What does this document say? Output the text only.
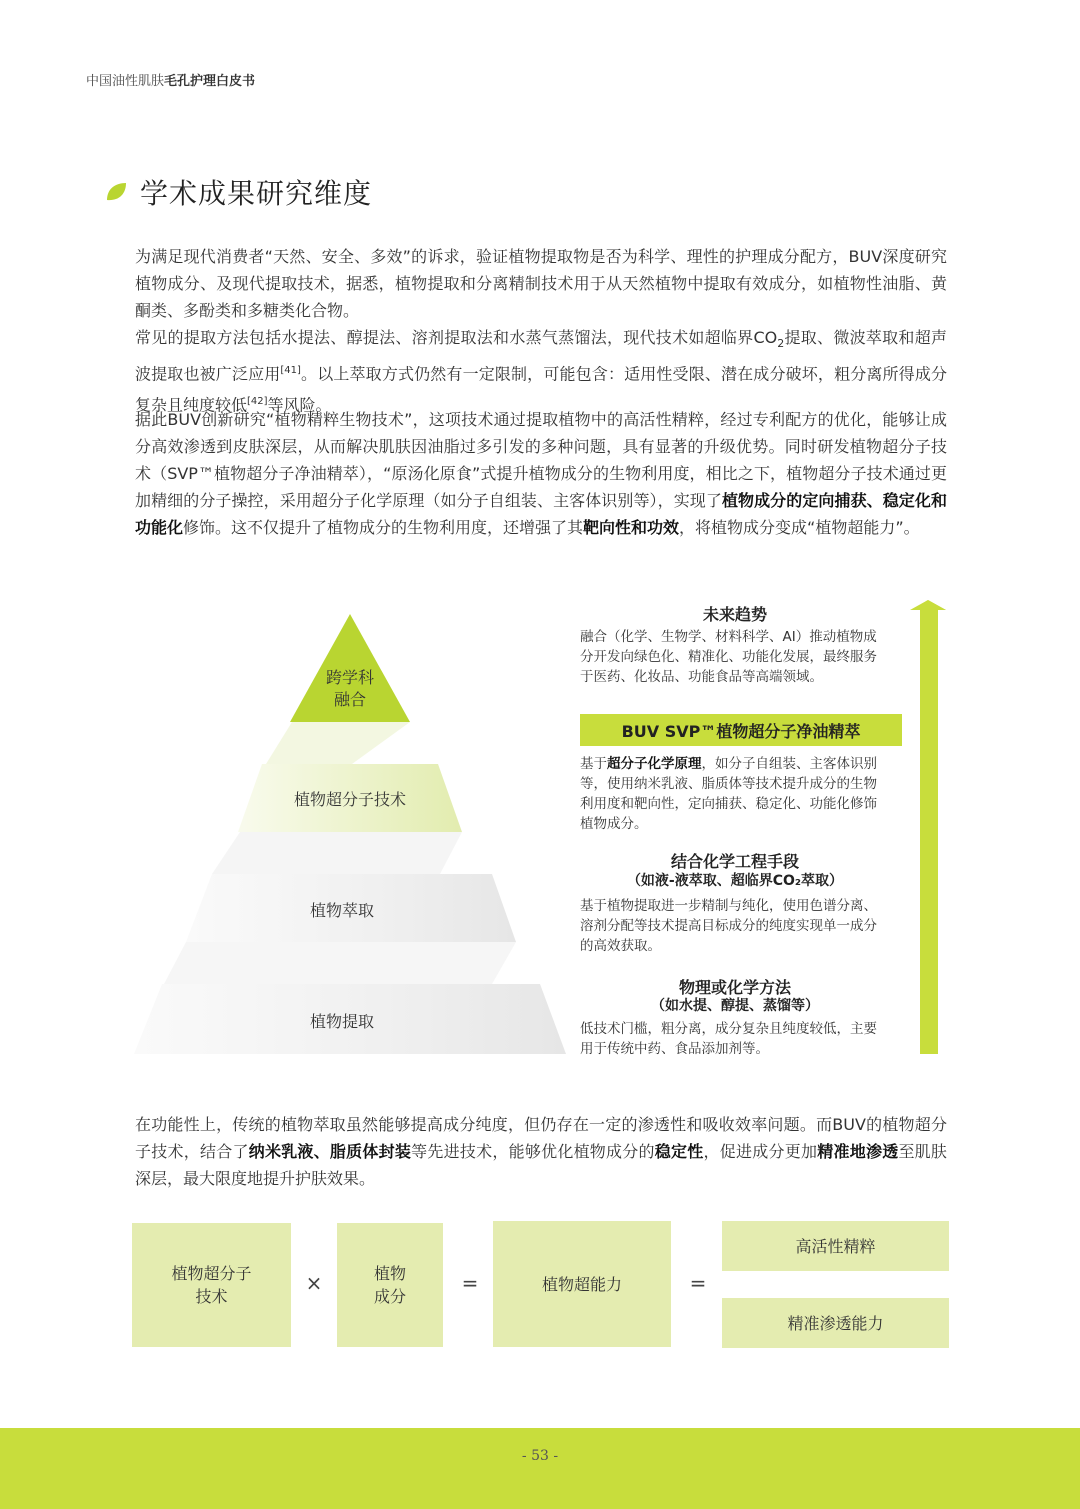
中国油性肌肤毛孔护理白皮书
学术成果研究维度
为满足现代消费者“天然、安全、多效”的诉求，验证植物提取物是否为科学、理性的护理成分配方，BUV深度研究植物成分、及现代提取技术，据悉，植物提取和分离精制技术用于从天然植物中提取有效成分，如植物性油脂、黄酮类、多酚类和多糖类化合物。
常见的提取方法包括水提法、醇提法、溶剂提取法和水蒸气蒸馏法，现代技术如超临界$CO_2$提取、微波萃取和超声波提取也被广泛应用[41]。以上萃取方式仍然有一定限制，可能包含：适用性受限、潜在成分破坏，粗分离所得成分复杂且纯度较低[42]等风险。
据此BUV创新研究“植物精粹生物技术”，这项技术通过提取植物中的高活性精粹，经过专利配方的优化，能够让成分高效渗透到皮肤深层，从而解决肌肤因油脂过多引发的多种问题，具有显著的升级优势。同时研发植物超分子技术（SVP™植物超分子净油精萃），“原汤化原食”式提升植物成分的生物利用度，相比之下，植物超分子技术通过更加精细的分子操控，采用超分子化学原理（如分子自组装、主客体识别等），实现了植物成分的定向捕获、稳定化和功能化修饰。这不仅提升了植物成分的生物利用度，还增强了其靶向性和功效，将植物成分变成“植物超能力”。
跨学科
融合
植物超分子技术
植物萃取
植物提取
未来趋势
融合（化学、生物学、材料科学、AI）推动植物成分开发向绿色化、精准化、功能化发展，最终服务于医药、化妆品、功能食品等高端领域。
基于超分子化学原理，如分子自组装、主客体识别等，使用纳米乳液、脂质体等技术提升成分的生物利用度和靶向性，定向捕获、稳定化、功能化修饰植物成分。
结合化学工程手段
（如液-液萃取、超临界CO₂萃取）
基于植物提取进一步精制与纯化，使用色谱分离、溶剂分配等技术提高目标成分的纯度实现单一成分的高效获取。
物理或化学方法
（如水提、醇提、蒸馏等）
低技术门槛，粗分离，成分复杂且纯度较低，主要用于传统中药、食品添加剂等。
BUV SVP™植物超分子净油精萃
在功能性上，传统的植物萃取虽然能够提高成分纯度，但仍存在一定的渗透性和吸收效率问题。而BUV的植物超分子技术，结合了纳米乳液、脂质体封装等先进技术，能够优化植物成分的稳定性，促进成分更加精准地渗透至肌肤深层，最大限度地提升护肤效果。
植物超分子
技术
×	植物
成分
=	植物超能力	=
高活性精粹
精准渗透能力
- 53 -
